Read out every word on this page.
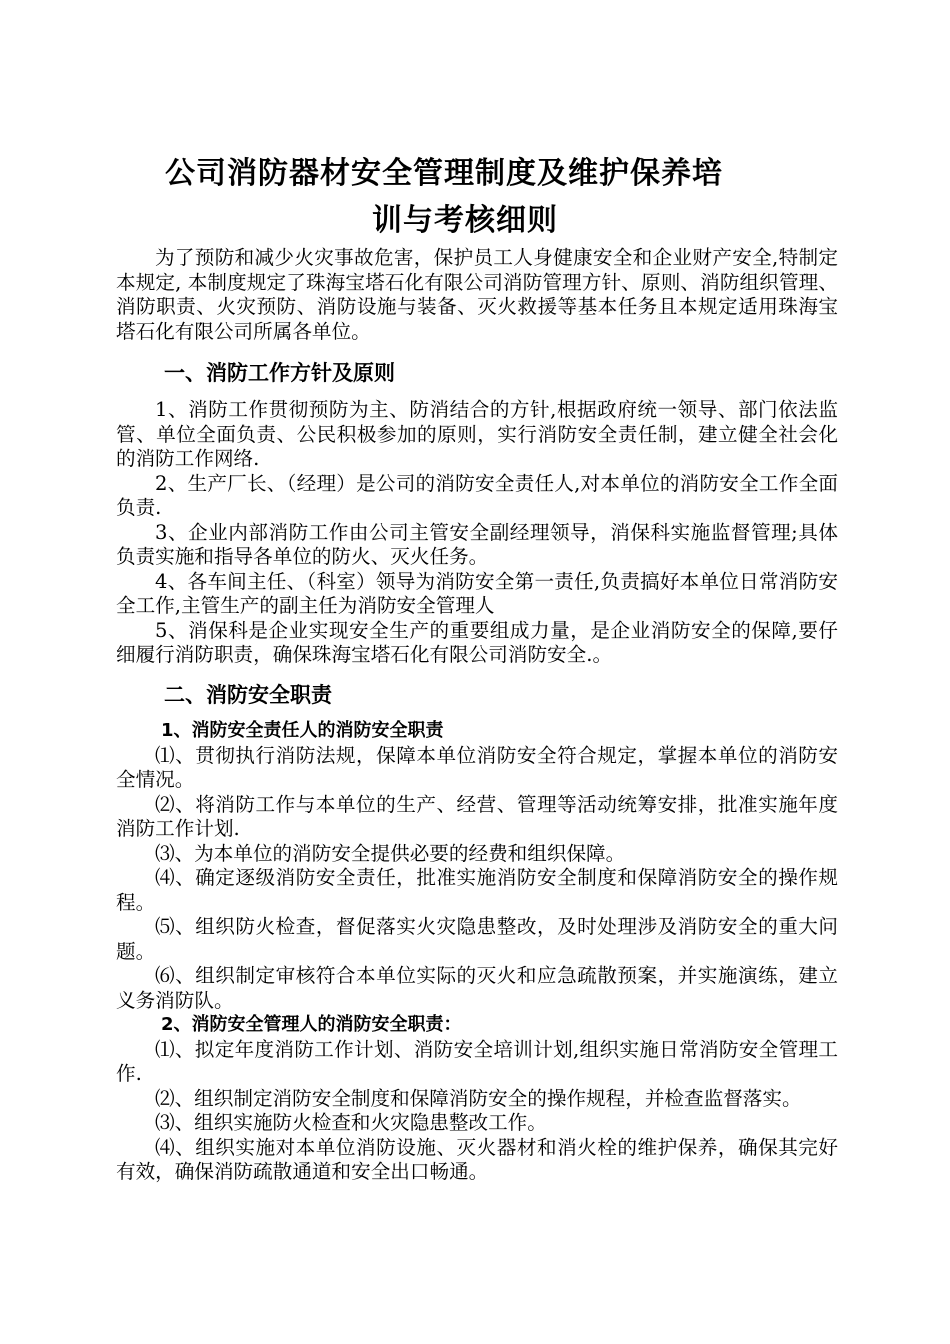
公司消防器材安全管理制度及维护保养培
训与考核细则

为了预防和减少火灾事故危害，保护员工人身健康安全和企业财产安全,特制定本规定, 本制度规定了珠海宝塔石化有限公司消防管理方针、原则、消防组织管理、消防职责、火灾预防、消防设施与装备、灭火救援等基本任务且本规定适用珠海宝塔石化有限公司所属各单位。

一、消防工作方针及原则

1、消防工作贯彻预防为主、防消结合的方针,根据政府统一领导、部门依法监管、单位全面负责、公民积极参加的原则，实行消防安全责任制，建立健全社会化的消防工作网络.

2、生产厂长、（经理）是公司的消防安全责任人,对本单位的消防安全工作全面负责.

3、企业内部消防工作由公司主管安全副经理领导，消保科实施监督管理;具体负责实施和指导各单位的防火、灭火任务。

4、各车间主任、（科室）领导为消防安全第一责任,负责搞好本单位日常消防安全工作,主管生产的副主任为消防安全管理人

5、消保科是企业实现安全生产的重要组成力量，是企业消防安全的保障,要仔细履行消防职责，确保珠海宝塔石化有限公司消防安全.。

二、消防安全职责

1、消防安全责任人的消防安全职责

⑴、贯彻执行消防法规，保障本单位消防安全符合规定，掌握本单位的消防安全情况。

⑵、将消防工作与本单位的生产、经营、管理等活动统筹安排，批准实施年度消防工作计划.

⑶、为本单位的消防安全提供必要的经费和组织保障。

⑷、确定逐级消防安全责任，批准实施消防安全制度和保障消防安全的操作规程。

⑸、组织防火检查，督促落实火灾隐患整改，及时处理涉及消防安全的重大问题。

⑹、组织制定审核符合本单位实际的灭火和应急疏散预案，并实施演练，建立义务消防队。

2、消防安全管理人的消防安全职责：

⑴、拟定年度消防工作计划、消防安全培训计划,组织实施日常消防安全管理工作.

⑵、组织制定消防安全制度和保障消防安全的操作规程，并检查监督落实。

⑶、组织实施防火检查和火灾隐患整改工作。

⑷、组织实施对本单位消防设施、灭火器材和消火栓的维护保养，确保其完好有效，确保消防疏散通道和安全出口畅通。
